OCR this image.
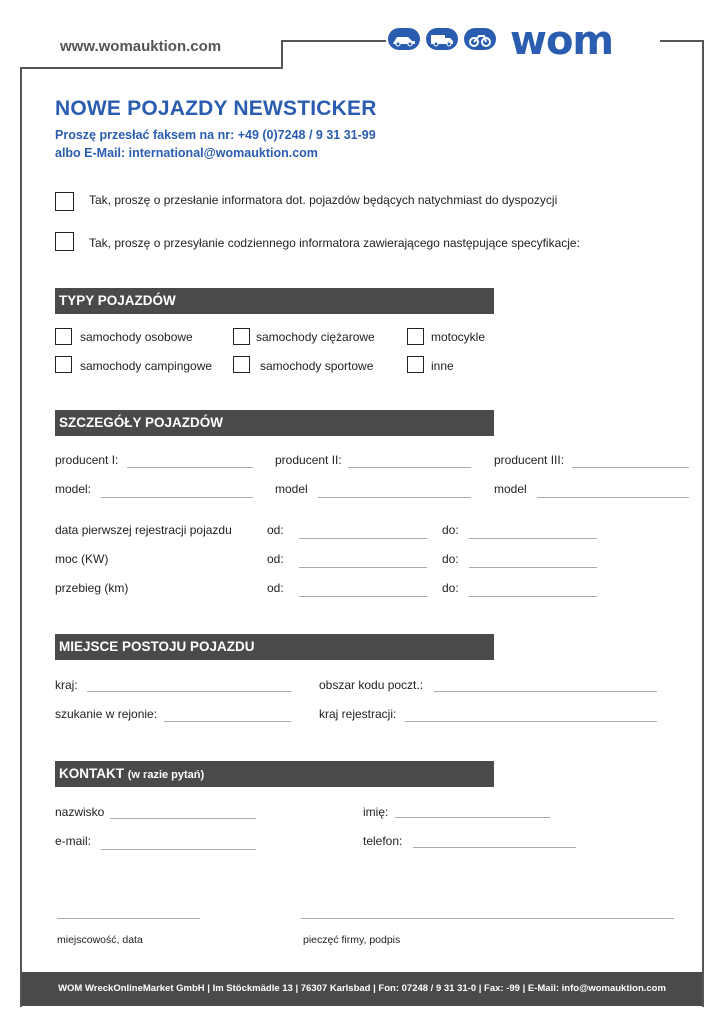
www.womauktion.com	wom
NOWE POJAZDY NEWSTICKER
Proszę przesłać faksem na nr: +49 (0)7248 / 9 31 31-99
albo E-Mail: international@womauktion.com
Tak, proszę o przesłanie informatora dot. pojazdów będących natychmiast do dyspozycji
Tak, proszę o przesyłanie codziennego informatora zawierającego następujące specyfikacje:
TYPY POJAZDÓW
samochody osobowe	samochody ciężarowe	motocykle
samochody campingowe	samochody sportowe	inne
SZCZEGÓŁY POJAZDÓW
producent I:	producent II:	producent III:
model:	model	model
data pierwszej rejestracji pojazdu	od:	do:
moc (KW)	od:	do:
przebieg (km)	od:	do:
MIEJSCE POSTOJU POJAZDU
kraj:	obszar kodu poczt.:
szukanie w rejonie:	kraj rejestracji:
KONTAKT (w razie pytań)
nazwisko	imię:
e-mail:	telefon:
miejscowość, data	pieczęć firmy, podpis
WOM WreckOnlineMarket GmbH | Im Stöckmädle 13 | 76307 Karlsbad | Fon: 07248 / 9 31 31-0 | Fax: -99 | E-Mail: info@womauktion.com
